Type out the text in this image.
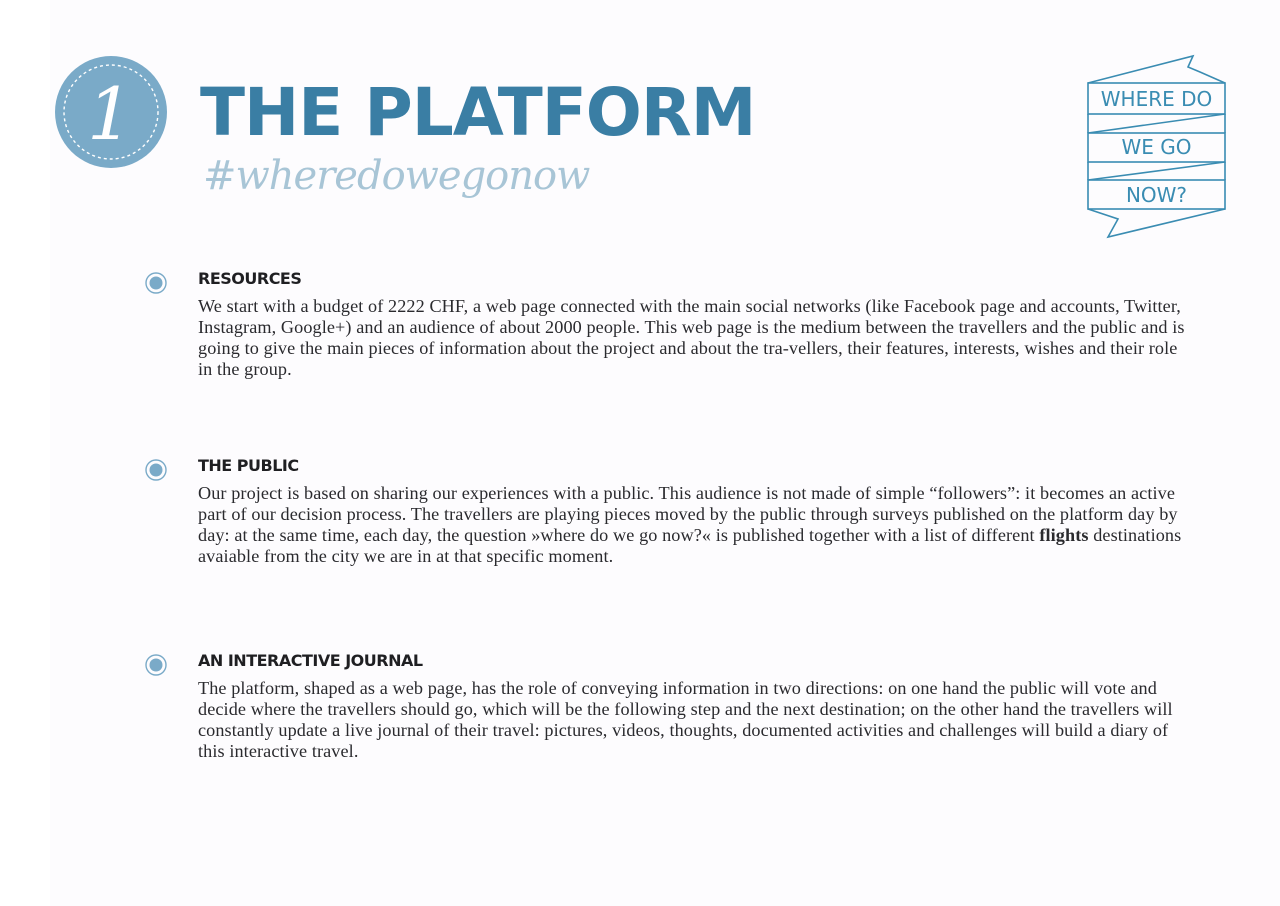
1 THE PLATFORM
#wheredowegonow
WHERE DO
WE GO
NOW?
RESOURCES

We start with a budget of 2222 CHF, a web page connected with the main social networks (like Facebook page and accounts, Twitter, Instagram, Google+) and an audience of about 2000 people. This web page is the medium between the travellers and the public and is going to give the main pieces of information about the project and about the tra-vellers, their features, interests, wishes and their role in the group.

THE PUBLIC

Our project is based on sharing our experiences with a public. This audience is not made of simple “followers”: it becomes an active part of our decision process. The travellers are playing pieces moved by the public through surveys published on the platform day by day: at the same time, each day, the question »where do we go now?« is published together with a list of different flights destinations avaiable from the city we are in at that specific moment.

AN INTERACTIVE JOURNAL

The platform, shaped as a web page, has the role of conveying information in two directions: on one hand the public will vote and decide where the travellers should go, which will be the following step and the next destination; on the other hand the travellers will constantly update a live journal of their travel: pictures, videos, thoughts, documented activities and challenges will build a diary of this interactive travel.
